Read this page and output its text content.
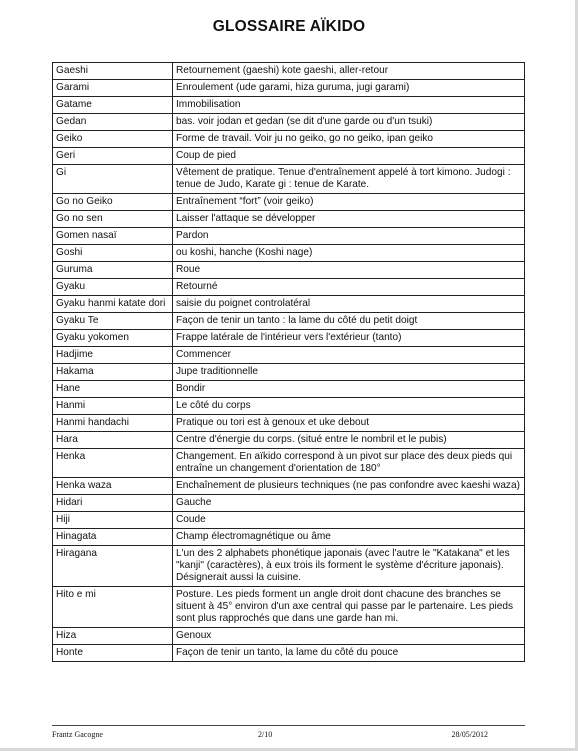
GLOSSAIRE AÏKIDO
Gaeshi	Retournement (gaeshi) kote gaeshi, aller-retour
Garami	Enroulement (ude garami, hiza guruma, jugi garami)
Gatame	Immobilisation
Gedan	bas. voir jodan et gedan (se dit d'une garde ou d'un tsuki)
Geiko	Forme de travail. Voir ju no geiko, go no geiko, ipan geiko
Geri	Coup de pied
Gi	Vêtement de pratique. Tenue d'entraînement appelé à tort kimono. Judogi : tenue de Judo, Karate gi : tenue de Karate.
Go no Geiko	Entraînement “fort” (voir geiko)
Go no sen	Laisser l'attaque se développer
Gomen nasaï	Pardon
Goshi	ou koshi, hanche (Koshi nage)
Guruma	Roue
Gyaku	Retourné
Gyaku hanmi katate dori	saisie du poignet controlatéral
Gyaku Te	Façon de tenir un tanto : la lame du côté du petit doigt
Gyaku yokomen	Frappe latérale de l'intérieur vers l'extérieur (tanto)
Hadjime	Commencer
Hakama	Jupe traditionnelle
Hane	Bondir
Hanmi	Le côté du corps
Hanmi handachi	Pratique ou tori est à genoux et uke debout
Hara	Centre d'énergie du corps. (situé entre le nombril et le pubis)
Henka	Changement. En aïkido correspond à un pivot sur place des deux pieds qui entraîne un changement d'orientation de 180°
Henka waza	Enchaînement de plusieurs techniques (ne pas confondre avec kaeshi waza)
Hidari	Gauche
Hiji	Coude
Hinagata	Champ électromagnétique ou âme
Hiragana	L'un des 2 alphabets phonétique japonais (avec l'autre le "Katakana" et les "kanji" (caractères), à eux trois ils forment le système d'écriture japonais). Désignerait aussi la cuisine.
Hito e mi	Posture. Les pieds forment un angle droit dont chacune des branches se situent à 45° environ d'un axe central qui passe par le partenaire. Les pieds sont plus rapprochés que dans une garde han mi.
Hiza	Genoux
Honte	Façon de tenir un tanto, la lame du côté du pouce
Frantz Gacogne	2/10	28/05/2012
